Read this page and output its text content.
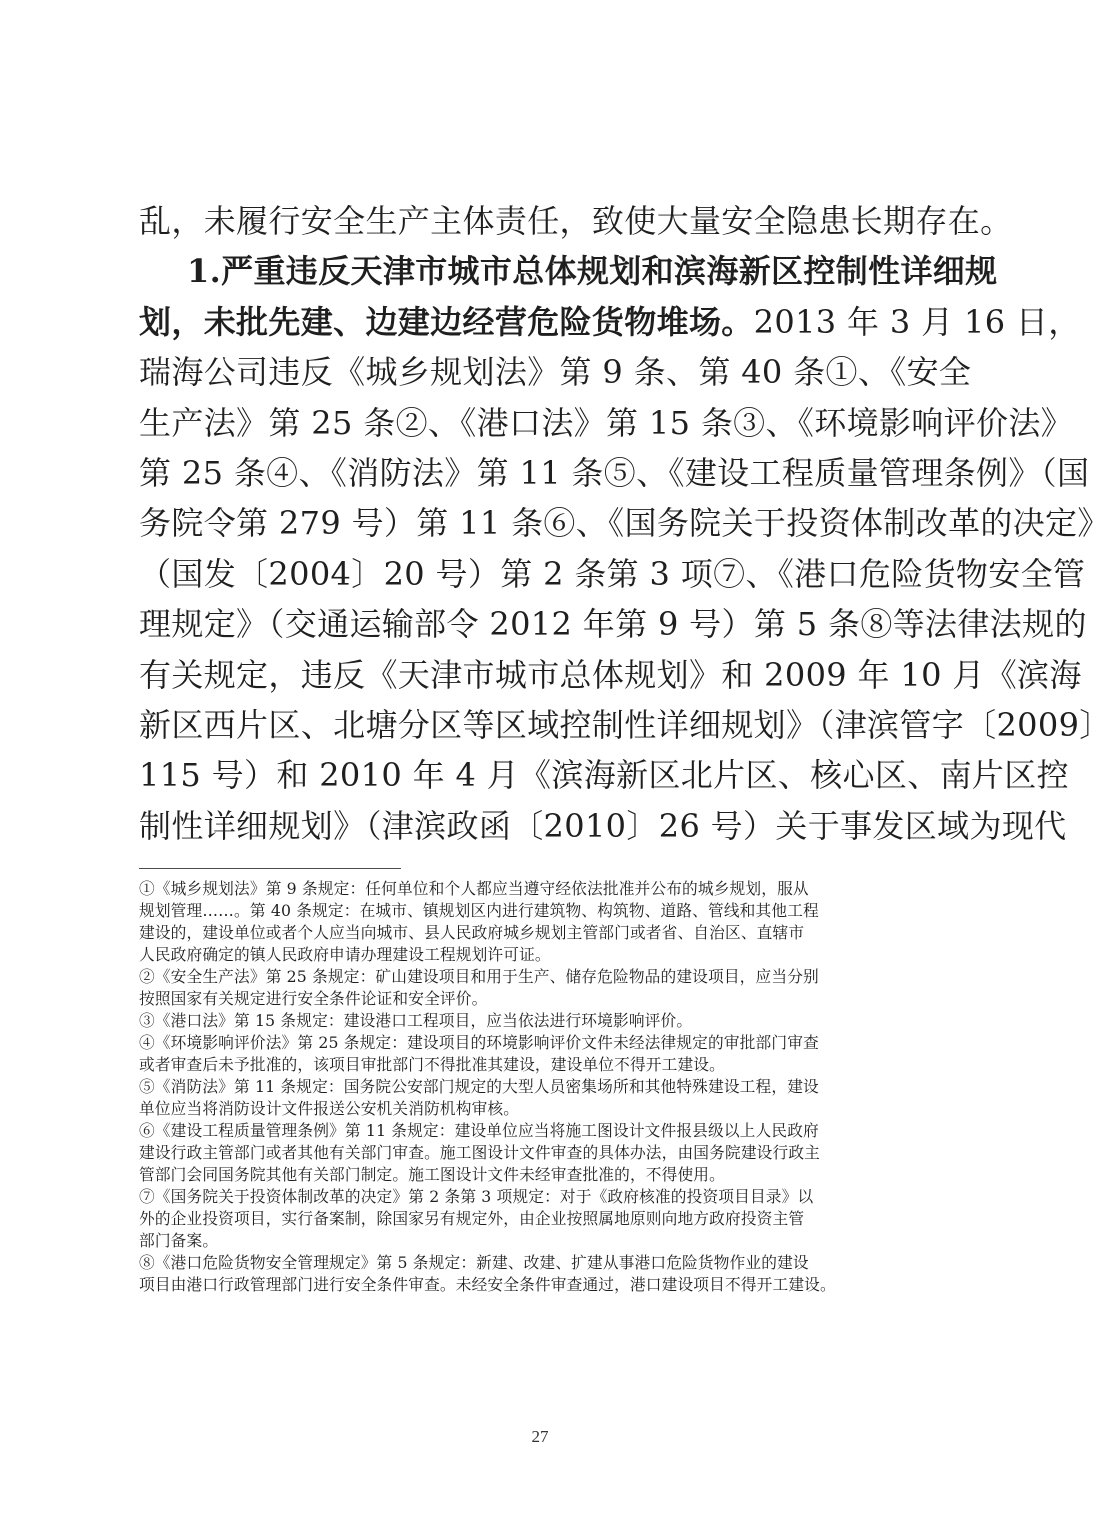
乱，未履行安全生产主体责任，致使大量安全隐患长期存在。
1.严重违反天津市城市总体规划和滨海新区控制性详细规
划，未批先建、边建边经营危险货物堆场。2013 年 3 月 16 日，
瑞海公司违反《城乡规划法》第 9 条、第 40 条①、《安全
生产法》第 25 条②、《港口法》第 15 条③、《环境影响评价法》
第 25 条④、《消防法》第 11 条⑤、《建设工程质量管理条例》（国
务院令第 279 号）第 11 条⑥、《国务院关于投资体制改革的决定》
（国发〔2004〕20 号）第 2 条第 3 项⑦、《港口危险货物安全管
理规定》（交通运输部令 2012 年第 9 号）第 5 条⑧等法律法规的
有关规定，违反《天津市城市总体规划》和 2009 年 10 月《滨海
新区西片区、北塘分区等区域控制性详细规划》（津滨管字〔2009〕
115 号）和 2010 年 4 月《滨海新区北片区、核心区、南片区控
制性详细规划》（津滨政函〔2010〕26 号）关于事发区域为现代
①《城乡规划法》第 9 条规定：任何单位和个人都应当遵守经依法批准并公布的城乡规划，服从
规划管理……。第 40 条规定：在城市、镇规划区内进行建筑物、构筑物、道路、管线和其他工程
建设的，建设单位或者个人应当向城市、县人民政府城乡规划主管部门或者省、自治区、直辖市
人民政府确定的镇人民政府申请办理建设工程规划许可证。
②《安全生产法》第 25 条规定：矿山建设项目和用于生产、储存危险物品的建设项目，应当分别
按照国家有关规定进行安全条件论证和安全评价。
③《港口法》第 15 条规定：建设港口工程项目，应当依法进行环境影响评价。
④《环境影响评价法》第 25 条规定：建设项目的环境影响评价文件未经法律规定的审批部门审查
或者审查后未予批准的，该项目审批部门不得批准其建设，建设单位不得开工建设。
⑤《消防法》第 11 条规定：国务院公安部门规定的大型人员密集场所和其他特殊建设工程，建设
单位应当将消防设计文件报送公安机关消防机构审核。
⑥《建设工程质量管理条例》第 11 条规定：建设单位应当将施工图设计文件报县级以上人民政府
建设行政主管部门或者其他有关部门审查。施工图设计文件审查的具体办法，由国务院建设行政主
管部门会同国务院其他有关部门制定。施工图设计文件未经审查批准的，不得使用。
⑦《国务院关于投资体制改革的决定》第 2 条第 3 项规定：对于《政府核准的投资项目目录》以
外的企业投资项目，实行备案制，除国家另有规定外，由企业按照属地原则向地方政府投资主管
部门备案。
⑧《港口危险货物安全管理规定》第 5 条规定：新建、改建、扩建从事港口危险货物作业的建设
项目由港口行政管理部门进行安全条件审查。未经安全条件审查通过，港口建设项目不得开工建设。
27
